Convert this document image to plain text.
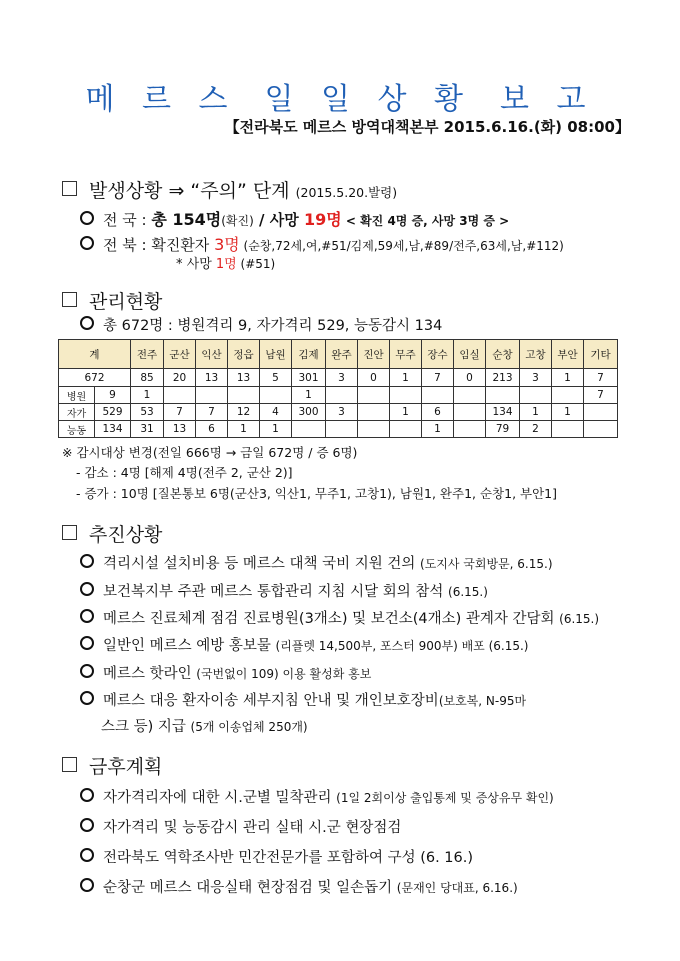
메 르 스 일 일 상 황 보 고
【전라북도 메르스 방역대책본부 2015.6.16.(화) 08:00】
발생상황 ⇒ “주의” 단계 (2015.5.20.발령)
전 국 : 총 154명(확진) / 사망 19명 < 확진 4명 증, 사망 3명 증 >
전 북 : 확진환자 3명 (순창,72세,여,#51/김제,59세,남,#89/전주,63세,남,#112)
* 사망 1명 (#51)
관리현황
총 672명 : 병원격리 9, 자가격리 529, 능동감시 134
계		전주	군산	익산	정읍	남원	김제	완주	진안	무주	장수	임실	순창	고창	부안	기타
672		85	20	13	13	5	301	3	0	1	7	0	213	3	1	7
병원	9	1					1									7
자가	529	53	7	7	12	4	300	3		1	6		134	1	1	
능동	134	31	13	6	1	1					1		79	2		
※ 감시대상 변경(전일 666명 → 금일 672명 / 증 6명)
- 감소 : 4명 [해제 4명(전주 2, 군산 2)]
- 증가 : 10명 [질본통보 6명(군산3, 익산1, 무주1, 고창1), 남원1, 완주1, 순창1, 부안1]
추진상황
격리시설 설치비용 등 메르스 대책 국비 지원 건의 (도지사 국회방문, 6.15.)
보건복지부 주관 메르스 통합관리 지침 시달 회의 참석 (6.15.)
메르스 진료체계 점검 진료병원(3개소) 및 보건소(4개소) 관계자 간담회 (6.15.)
일반인 메르스 예방 홍보물 (리플렛 14,500부, 포스터 900부) 배포 (6.15.)
메르스 핫라인 (국번없이 109) 이용 활성화 홍보
메르스 대응 환자이송 세부지침 안내 및 개인보호장비(보호복, N-95마
스크 등) 지급 (5개 이송업체 250개)
금후계획
자가격리자에 대한 시.군별 밀착관리 (1일 2회이상 출입통제 및 증상유무 확인)
자가격리 및 능동감시 관리 실태 시.군 현장점검
전라북도 역학조사반 민간전문가를 포함하여 구성 (6. 16.)
순창군 메르스 대응실태 현장점검 및 일손돕기 (문재인 당대표, 6.16.)
